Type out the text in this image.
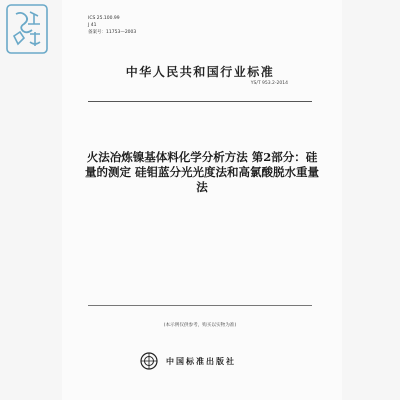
ICS 25.100.99
J 41
备案号：11753—2003
中华人民共和国行业标准
YS/T 953.2-2014
火法冶炼镍基体料化学分析方法 第2部分：硅
量的测定 硅钼蓝分光光度法和高氯酸脱水重量
法
(本示例仅供参考，购买以实物为准)
中国标准出版社
